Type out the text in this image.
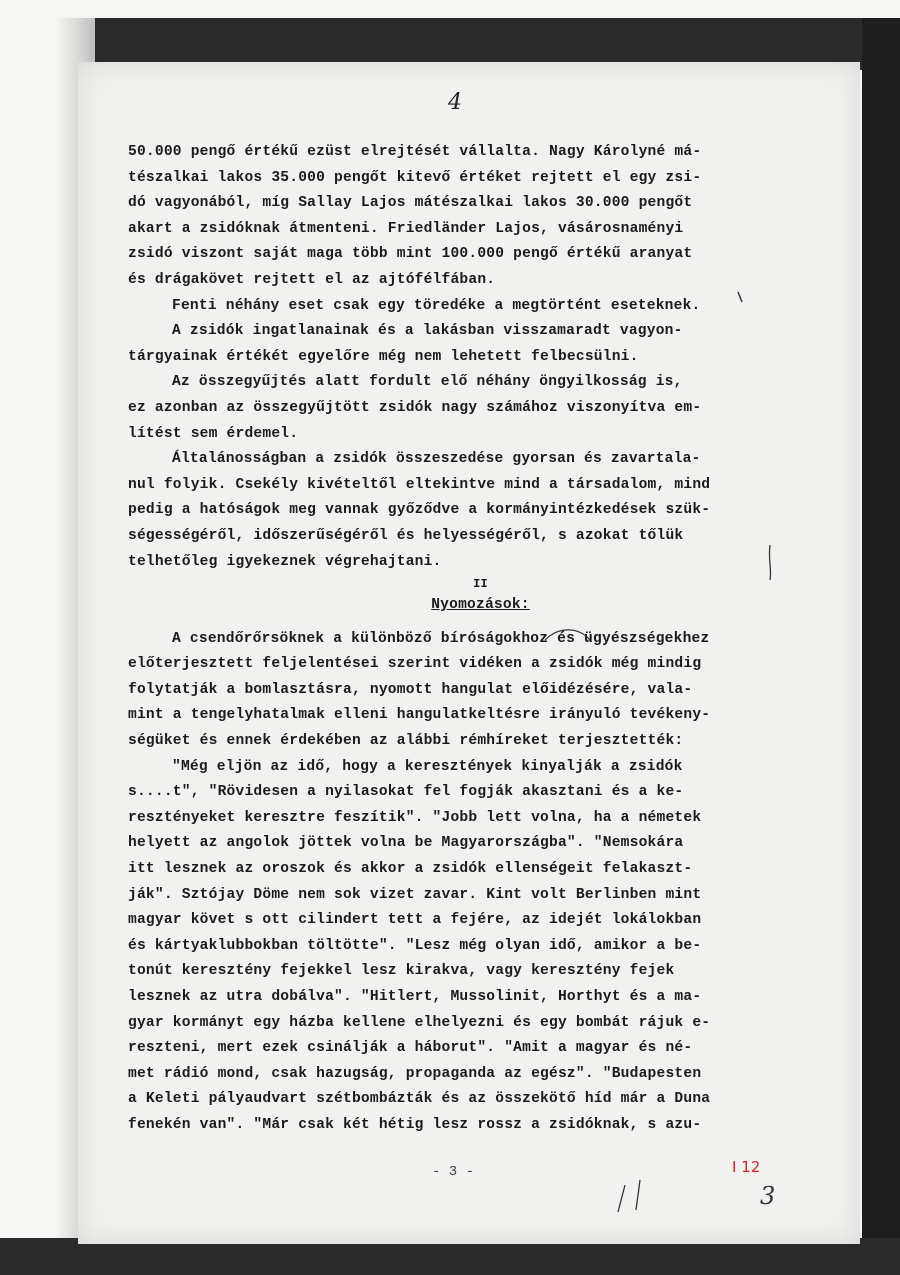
4
50.000 pengő értékű ezüst elrejtését vállalta. Nagy Károlyné má-
tészalkai lakos 35.000 pengőt kitevő értéket rejtett el egy zsi-
dó vagyonából, míg Sallay Lajos mátészalkai lakos 30.000 pengőt
akart a zsidóknak átmenteni. Friedländer Lajos, vásárosnaményi
zsidó viszont saját maga több mint 100.000 pengő értékű aranyat
és drágakövet rejtett el az ajtófélfában.
Fenti néhány eset csak egy töredéke a megtörtént eseteknek.
A zsidók ingatlanainak és a lakásban visszamaradt vagyon-
tárgyainak értékét egyelőre még nem lehetett felbecsülni.
Az összegyűjtés alatt fordult elő néhány öngyilkosság is,
ez azonban az összegyűjtött zsidók nagy számához viszonyítva em-
lítést sem érdemel.
Általánosságban a zsidók összeszedése gyorsan és zavartala-
nul folyik. Csekély kivételtől eltekintve mind a társadalom, mind
pedig a hatóságok meg vannak győződve a kormányintézkedések szük-
ségességéről, időszerűségéről és helyességéről, s azokat tőlük
telhetőleg igyekeznek végrehajtani.
II
Nyomozások:
A csendőrőrsöknek a különböző bíróságokhoz és ügyészségekhez
előterjesztett feljelentései szerint vidéken a zsidók még mindig
folytatják a bomlasztásra, nyomott hangulat előidézésére, vala-
mint a tengelyhatalmak elleni hangulatkeltésre irányuló tevékeny-
ségüket és ennek érdekében az alábbi rémhíreket terjesztették:
"Még eljön az idő, hogy a keresztények kinyalják a zsidók
s....t", "Rövidesen a nyilasokat fel fogják akasztani és a ke-
resztényeket keresztre feszítik". "Jobb lett volna, ha a németek
helyett az angolok jöttek volna be Magyarországba". "Nemsokára
itt lesznek az oroszok és akkor a zsidók ellenségeit felakaszt-
ják". Sztójay Döme nem sok vizet zavar. Kint volt Berlinben mint
magyar követ s ott cilindert tett a fejére, az idejét lokálokban
és kártyaklubbokban töltötte". "Lesz még olyan idő, amikor a be-
tonút keresztény fejekkel lesz kirakva, vagy keresztény fejek
lesznek az utra dobálva". "Hitlert, Mussolinit, Horthyt és a ma-
gyar kormányt egy házba kellene elhelyezni és egy bombát rájuk e-
reszteni, mert ezek csinálják a háborut". "Amit a magyar és né-
met rádió mond, csak hazugság, propaganda az egész". "Budapesten
a Keleti pályaudvart szétbombázták és az összekötő híd már a Duna
fenekén van". "Már csak két hétig lesz rossz a zsidóknak, s azu-
- 3 -	I 12
3
